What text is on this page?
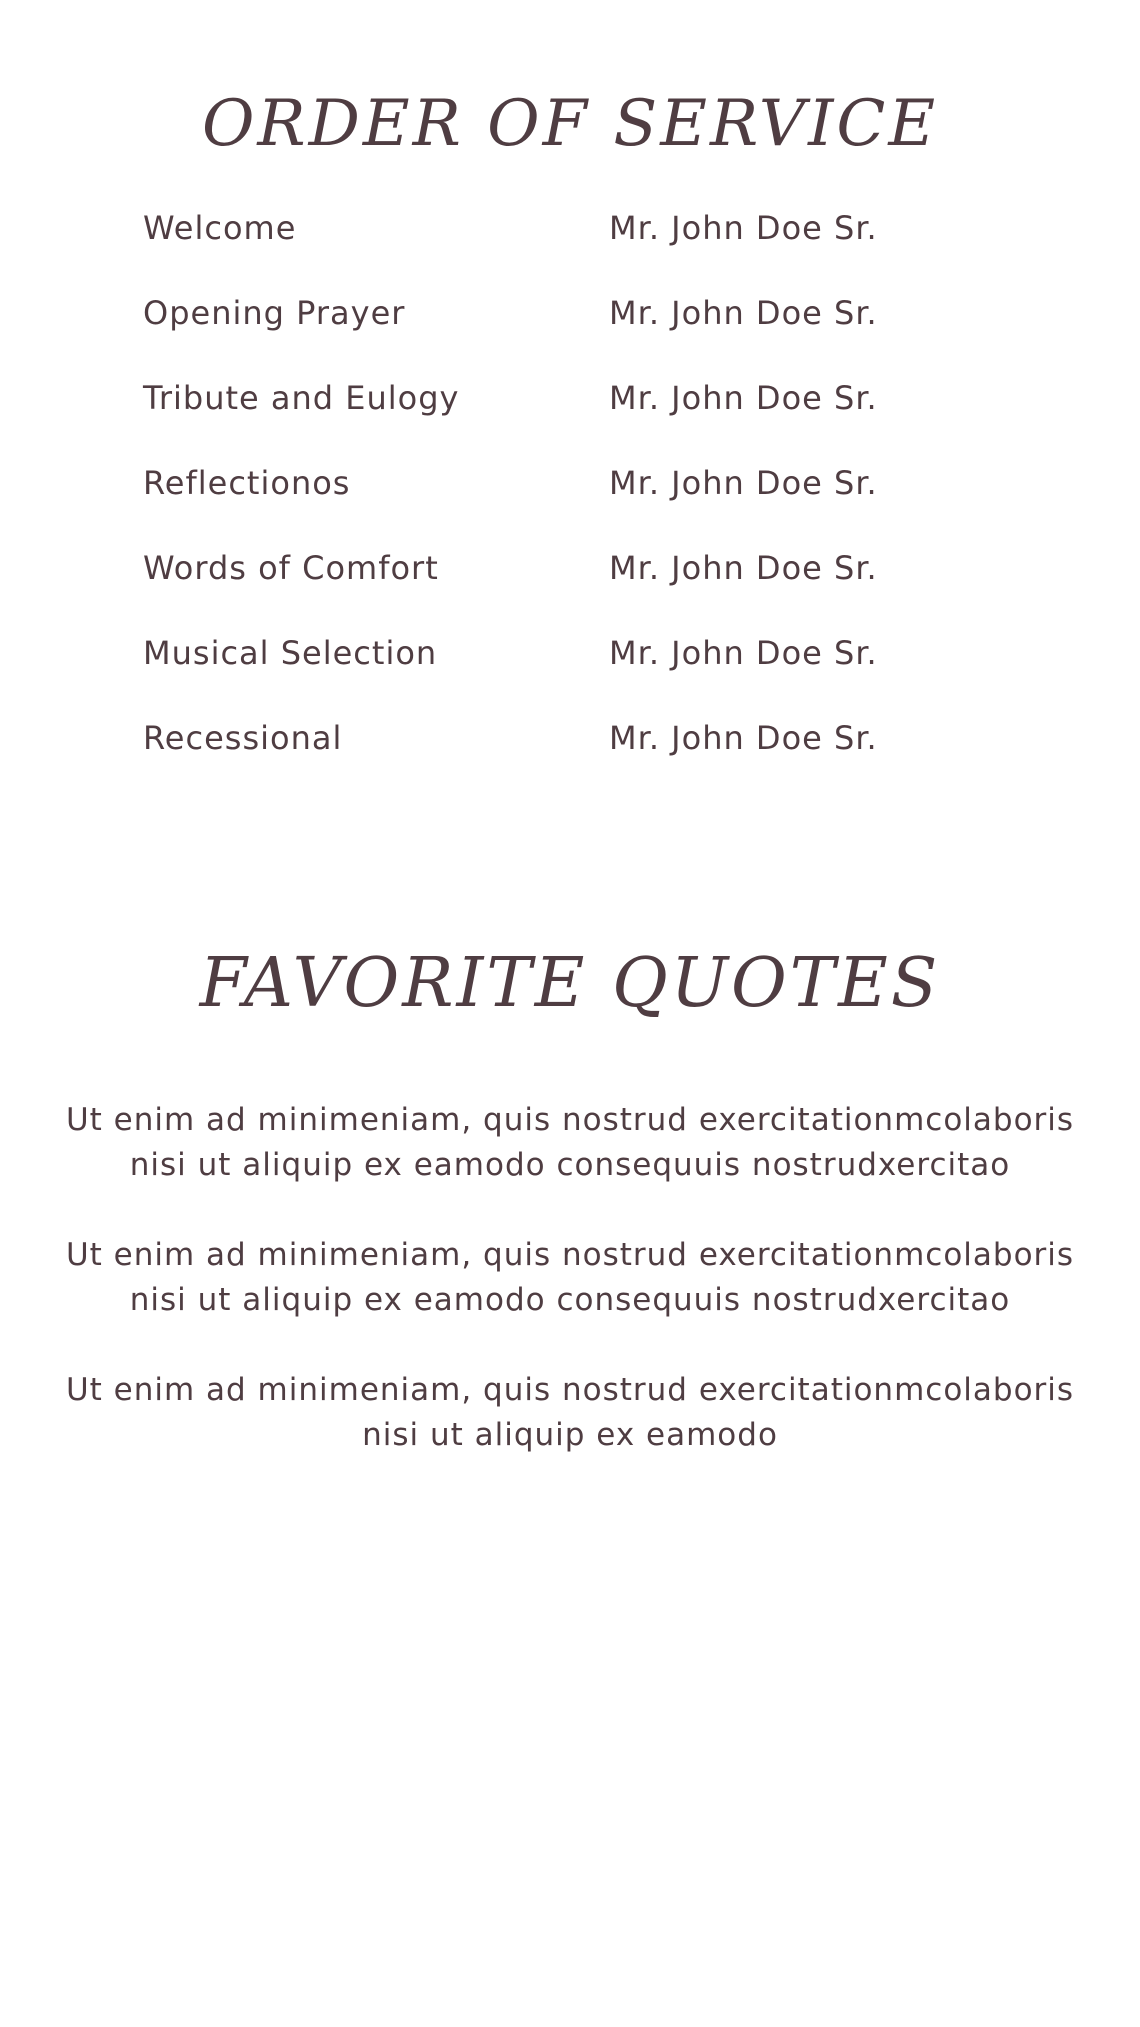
ORDER OF SERVICE
Welcome	Mr. John Doe Sr.
Opening Prayer	Mr. John Doe Sr.
Tribute and Eulogy	Mr. John Doe Sr.
Reflectionos	Mr. John Doe Sr.
Words of Comfort	Mr. John Doe Sr.
Musical Selection	Mr. John Doe Sr.
Recessional	Mr. John Doe Sr.
FAVORITE QUOTES

Ut enim ad minimeniam, quis nostrud exercitationmcolaboris
nisi ut aliquip ex eamodo consequuis nostrudxercitao

Ut enim ad minimeniam, quis nostrud exercitationmcolaboris
nisi ut aliquip ex eamodo consequuis nostrudxercitao

Ut enim ad minimeniam, quis nostrud exercitationmcolaboris
nisi ut aliquip ex eamodo
